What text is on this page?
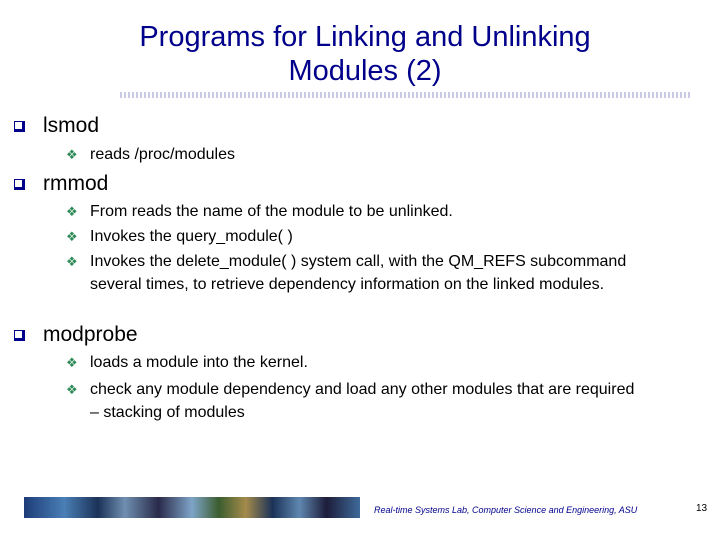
Programs for Linking and Unlinking
Modules (2)
lsmod
❖ reads /proc/modules
rmmod
❖ From reads the name of the module to be unlinked.
❖ Invokes the query_module( )
❖ Invokes the delete_module( ) system call, with the QM_REFS subcommand several times, to retrieve dependency information on the linked modules.
modprobe
❖ loads a module into the kernel.
❖ check any module dependency and load any other modules that are required – stacking of modules
Real-time Systems Lab, Computer Science and Engineering, ASU	13
